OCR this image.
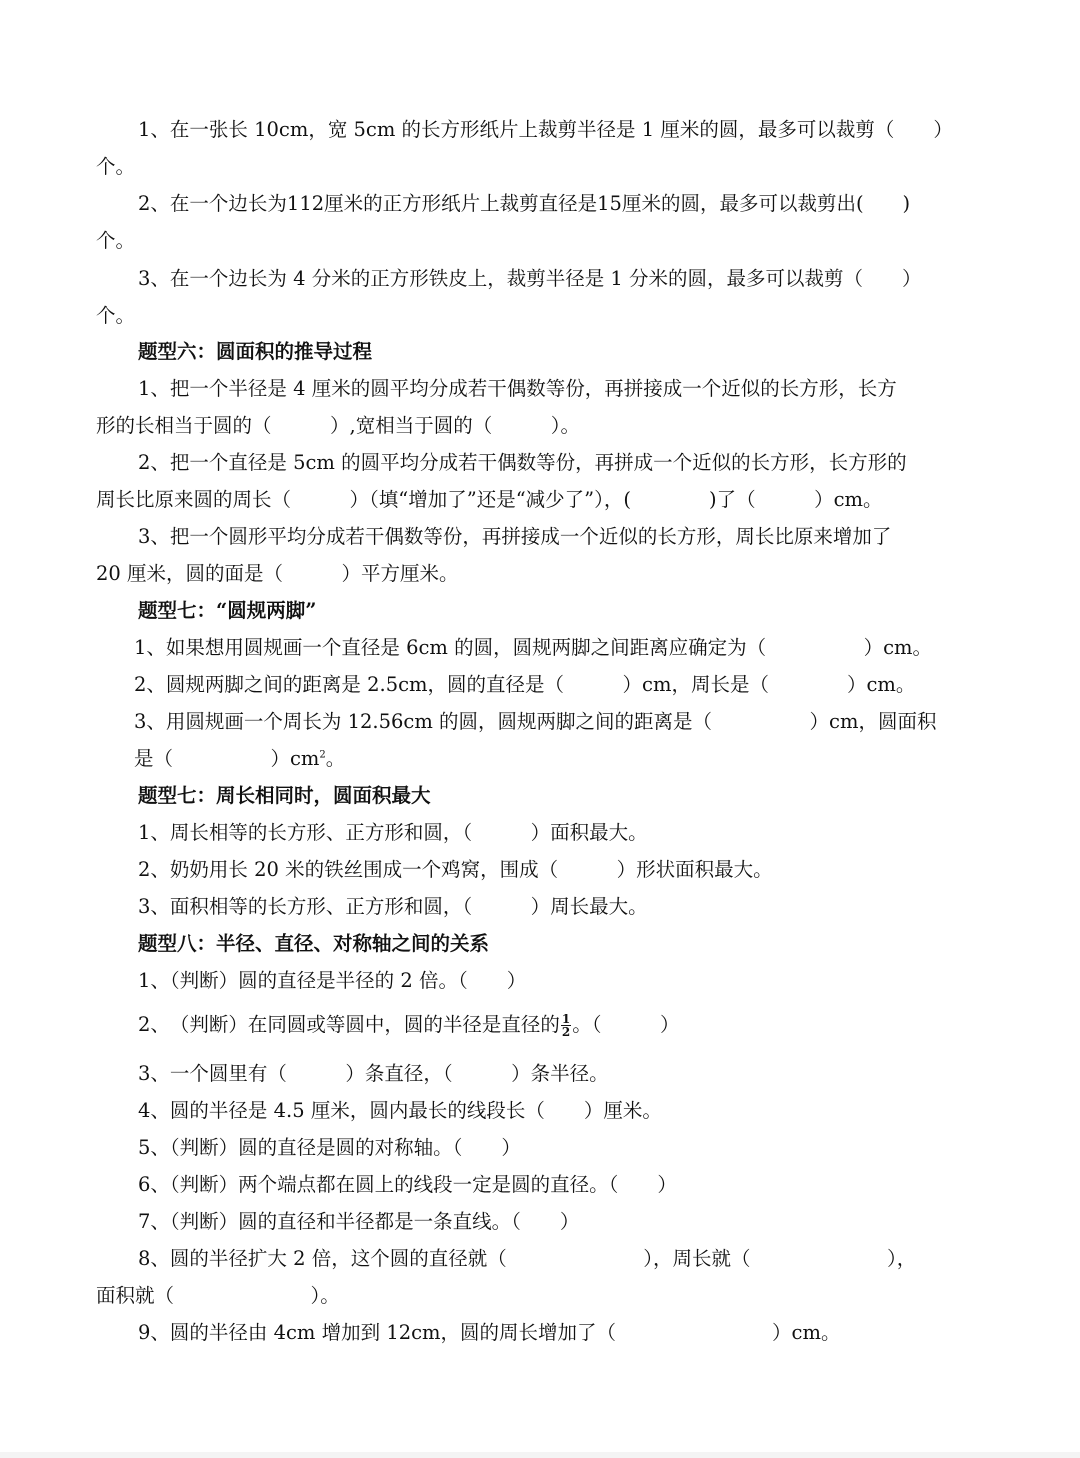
1、在一张长 10cm，宽 5cm 的长方形纸片上裁剪半径是 1 厘米的圆，最多可以裁剪（　　）
个。
2、在一个边长为112厘米的正方形纸片上裁剪直径是15厘米的圆，最多可以裁剪出(　　)
个。
3、在一个边长为 4 分米的正方形铁皮上，裁剪半径是 1 分米的圆，最多可以裁剪（　　）
个。
题型六：圆面积的推导过程
1、把一个半径是 4 厘米的圆平均分成若干偶数等份，再拼接成一个近似的长方形，长方
形的长相当于圆的（　　　）,宽相当于圆的（　　　）。
2、把一个直径是 5cm 的圆平均分成若干偶数等份，再拼成一个近似的长方形，长方形的
周长比原来圆的周长（　　　）（填“增加了”还是“减少了”），(　　　　)了（　　　）cm。
3、把一个圆形平均分成若干偶数等份，再拼接成一个近似的长方形，周长比原来增加了
20 厘米，圆的面是（　　　）平方厘米。
题型七：“圆规两脚”
1、如果想用圆规画一个直径是 6cm 的圆，圆规两脚之间距离应确定为（　　　　　）cm。
2、圆规两脚之间的距离是 2.5cm，圆的直径是（　　　）cm，周长是（　　　　）cm。
3、用圆规画一个周长为 12.56cm 的圆，圆规两脚之间的距离是（　　　　　）cm，圆面积
是（　　　　　）$cm^2$。
题型七：周长相同时，圆面积最大
1、周长相等的长方形、正方形和圆，（　　　）面积最大。
2、奶奶用长 20 米的铁丝围成一个鸡窝，围成（　　　）形状面积最大。
3、面积相等的长方形、正方形和圆，（　　　）周长最大。
题型八：半径、直径、对称轴之间的关系
1、（判断）圆的直径是半径的 2 倍。（　　）
2、　（判断）在同圆或等圆中，圆的半径是直径的 $\frac{1}{2}$ 。（　　　）
3、一个圆里有（　　　）条直径，（　　　）条半径。
4、圆的半径是 4.5 厘米，圆内最长的线段长（　　）厘米。
5、（判断）圆的直径是圆的对称轴。（　　）
6、（判断）两个端点都在圆上的线段一定是圆的直径。（　　）
7、（判断）圆的直径和半径都是一条直线。（　　）
8、圆的半径扩大 2 倍，这个圆的直径就（　　　　　　　），周长就（　　　　　　　），
面积就（　　　　　　　）。
9、圆的半径由 4cm 增加到 12cm，圆的周长增加了（　　　　　　　　）cm。
